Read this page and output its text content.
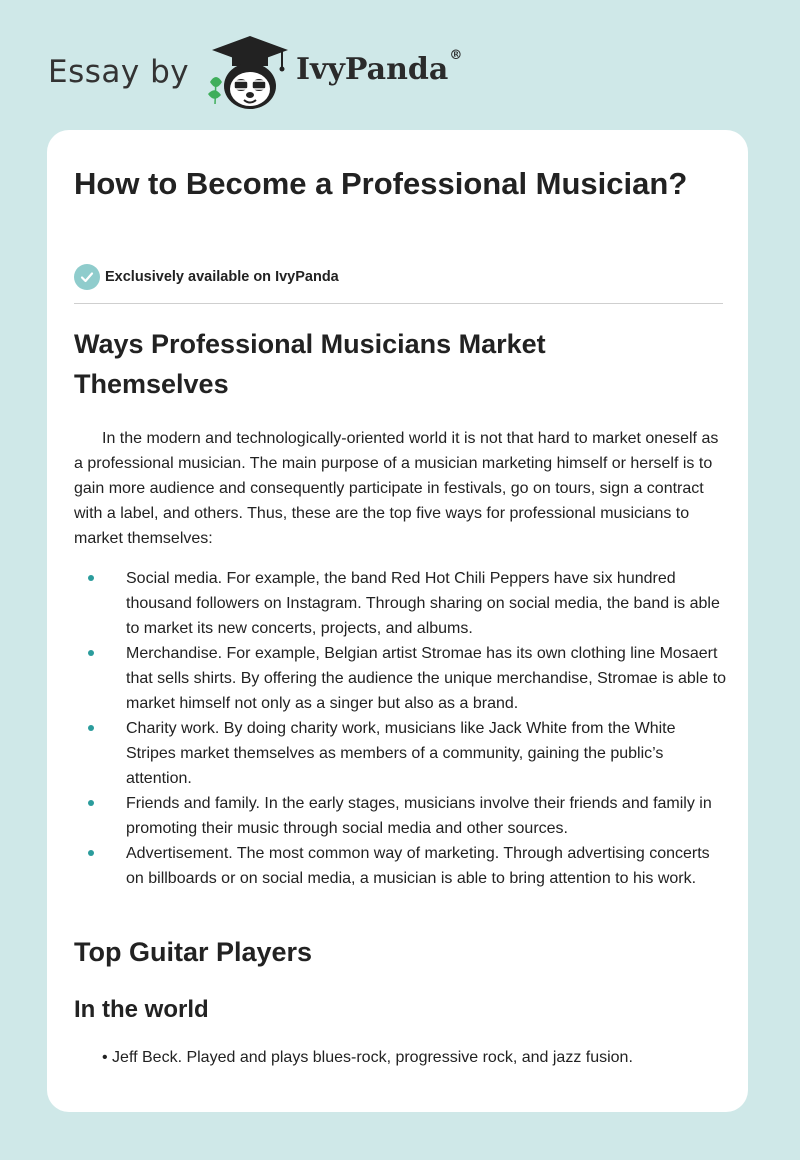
Essay by	IvyPanda®
How to Become a Professional Musician?
Exclusively available on IvyPanda
Ways Professional Musicians Market Themselves

In the modern and technologically-oriented world it is not that hard to market oneself as a professional musician. The main purpose of a musician marketing himself or herself is to gain more audience and consequently participate in festivals, go on tours, sign a contract with a label, and others. Thus, these are the top five ways for professional musicians to market themselves:

Social media. For example, the band Red Hot Chili Peppers have six hundred thousand followers on Instagram. Through sharing on social media, the band is able to market its new concerts, projects, and albums.
Merchandise. For example, Belgian artist Stromae has its own clothing line Mosaert that sells shirts. By offering the audience the unique merchandise, Stromae is able to market himself not only as a singer but also as a brand.
Charity work. By doing charity work, musicians like Jack White from the White Stripes market themselves as members of a community, gaining the public’s attention.
Friends and family. In the early stages, musicians involve their friends and family in promoting their music through social media and other sources.
Advertisement. The most common way of marketing. Through advertising concerts on billboards or on social media, a musician is able to bring attention to his work.
Top Guitar Players
In the world

• Jeff Beck. Played and plays blues-rock, progressive rock, and jazz fusion.
